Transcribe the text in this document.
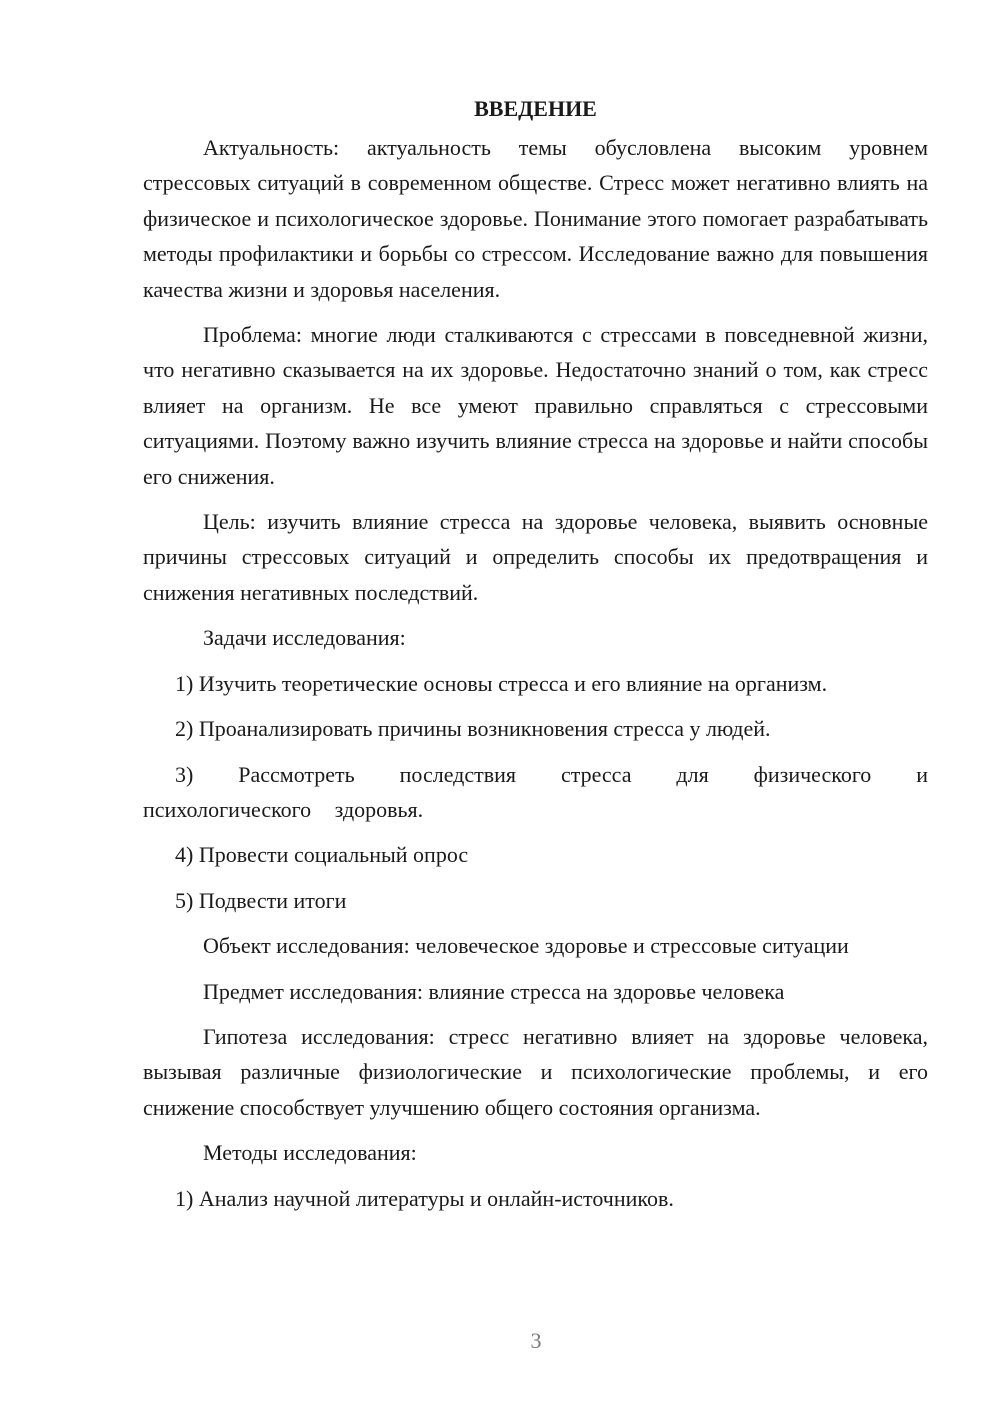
ВВЕДЕНИЕ

Актуальность: актуальность темы обусловлена высоким уровнем стрессовых ситуаций в современном обществе. Стресс может негативно влиять на физическое и психологическое здоровье. Понимание этого помогает разрабатывать методы профилактики и борьбы со стрессом. Исследование важно для повышения качества жизни и здоровья населения.

Проблема: многие люди сталкиваются с стрессами в повседневной жизни, что негативно сказывается на их здоровье. Недостаточно знаний о том, как стресс влияет на организм. Не все умеют правильно справляться с стрессовыми ситуациями. Поэтому важно изучить влияние стресса на здоровье и найти способы его снижения.

Цель: изучить влияние стресса на здоровье человека, выявить основные причины стрессовых ситуаций и определить способы их предотвращения и снижения негативных последствий.

Задачи исследования:

1) Изучить теоретические основы стресса и его влияние на организм.

2) Проанализировать причины возникновения стресса у людей.

3) Рассмотреть последствия стресса для физического и психологического здоровья.

4) Провести социальный опрос

5) Подвести итоги

Объект исследования: человеческое здоровье и стрессовые ситуации

Предмет исследования: влияние стресса на здоровье человека

Гипотеза исследования: стресс негативно влияет на здоровье человека, вызывая различные физиологические и психологические проблемы, и его снижение способствует улучшению общего состояния организма.

Методы исследования:

1) Анализ научной литературы и онлайн-источников.

3
